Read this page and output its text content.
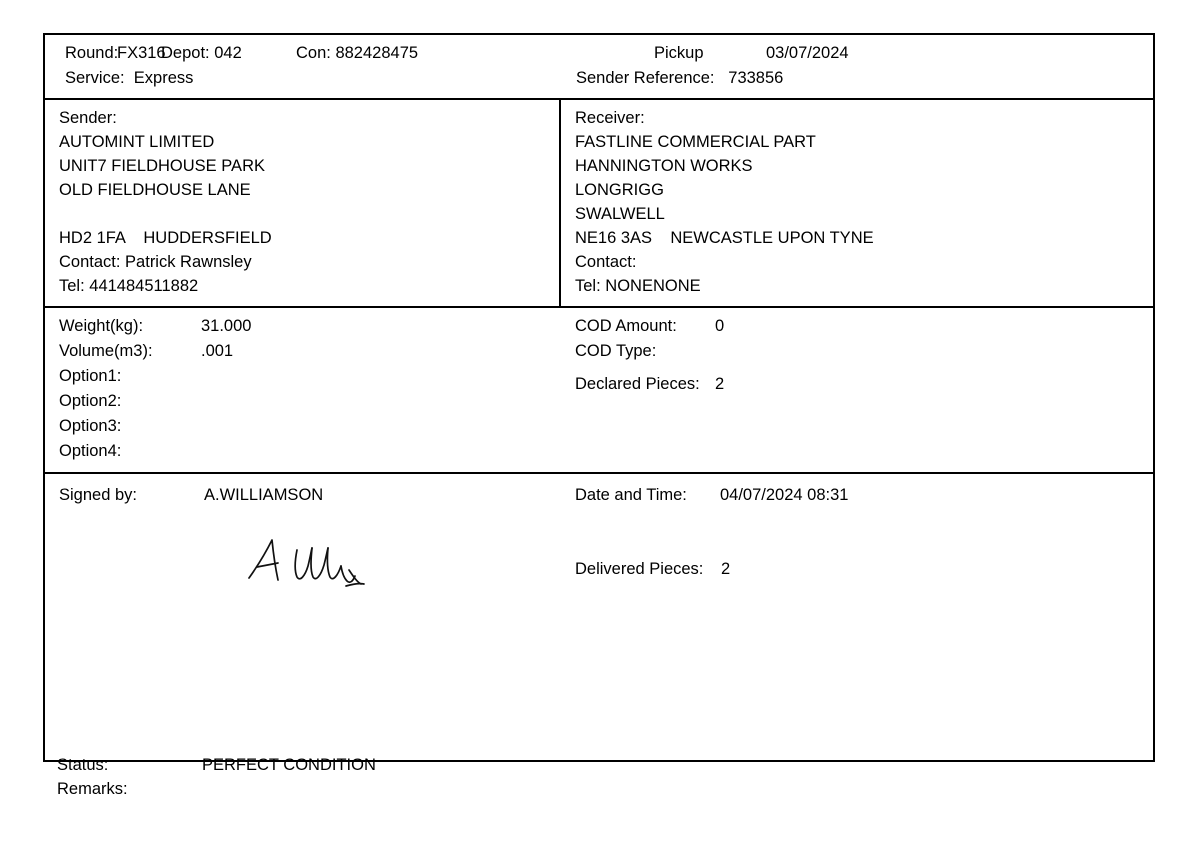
Round:
FX316
Depot: 042	Con: 882428475	Pickup	03/07/2024
Service: Express	Sender Reference: 733856
Sender:
AUTOMINT LIMITED
UNIT7 FIELDHOUSE PARK
OLD FIELDHOUSE LANE

HD2 1FA    HUDDERSFIELD
Contact: Patrick Rawnsley
Tel: 441484511882
Receiver:
FASTLINE COMMERCIAL PART
HANNINGTON WORKS
LONGRIGG
SWALWELL
NE16 3AS    NEWCASTLE UPON TYNE
Contact:
Tel: NONENONE
Weight(kg):	31.000
Volume(m3):	.001
Option1:
Option2:
Option3:
Option4:
COD Amount: 0
COD Type:
Declared Pieces: 2
Signed by:	A.WILLIAMSON	Date and Time: 04/07/2024 08:31
Delivered Pieces: 2
Status:	PERFECT CONDITION
Remarks:
